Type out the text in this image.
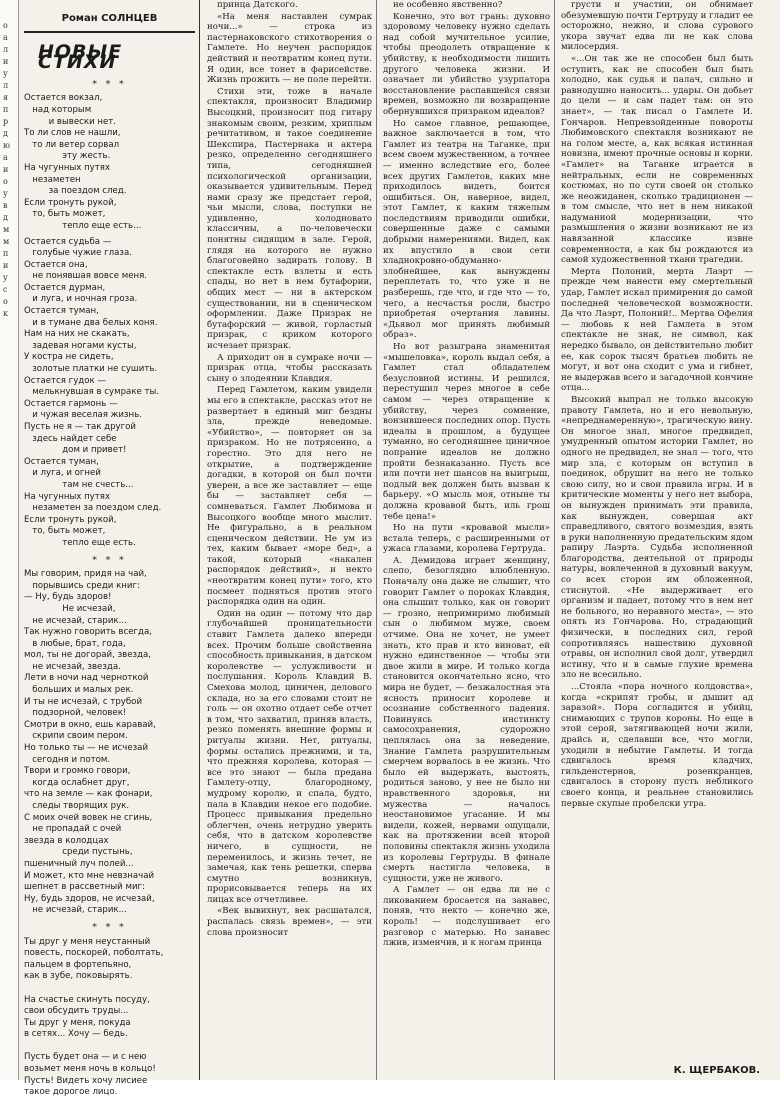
о
а
л
и
у
л
я
п
р
д
ю
а
и
о
у
в
д
м
м
п
и
у
с
о
к
Роман СОЛНЦЕВ
НОВЫЕ СТИХИ
* * *
Остается вокзал,
над которым
и вывески нет.
То ли слов не нашли,
то ли ветер сорвал
эту жесть.
На чугунных путях
незаметен
за поездом след.
Если тронуть рукой,
то, быть может,
тепло еще есть...
Остается судьба —
голубые чужие глаза.
Остается она,
не понявшая вовсе меня.
Остается дурман,
и луга, и ночная гроза.
Остается туман,
и в тумане два белых коня.
Нам на них не скакать,
задевая ногами кусты,
У костра не сидеть,
золотые платки не сушить.
Остается гудок —
мелькнувшая в сумраке ты.
Остается гармонь —
и чужая веселая жизнь.
Пусть не я — так другой
здесь найдет себе
дом и привет!
Остается туман,
и луга, и огней
там не счесть...
На чугунных путях
незаметен за поездом след.
Если тронуть рукой,
то, быть может,
тепло еще есть.
* * *
Мы говорим, придя на чай,
порывшись среди книг:
— Ну, будь здоров!
Не исчезай,
не исчезай, старик...
Так нужно говорить всегда,
в любые, брат, года,
мол, ты не догорай, звезда,
не исчезай, звезда.
Лети в ночи над черноткой
больших и малых рек.
И ты не исчезай, с трубой
подзорной, человек!
Смотри в окно, ешь каравай,
скрипи своим пером.
Но только ты — не исчезай
сегодня и потом.
Твори и громко говори,
когда ослабнет друг,
что на земле — как фонари,
следы творящих рук.
С моих очей вовек не сгинь,
не пропадай с очей
звезда в колодцах
среди пустынь,
пшеничный луч полей...
И может, кто мне невзначай
шепнет в рассветный миг:
Ну, будь здоров, не исчезай,
не исчезай, старик...
* * *
Ты друг у меня неустанный
повесть, поскорей, поболтать,
пальцем в фортепьяно,
как в зубе, поковырять.

На счастье скинуть посуду,
свои обсудить труды...
Ты друг у меня, покуда
в сетях... Хочу — бедь.

Пусть будет она — и с нею
возьмет меня ночь в кольцо!
Пусть! Видеть хочу лисиее
такое дорогое лицо.

принца Датского.

«На меня наставлен сумрак ночи...» — строка из пастернаковского стихотворения о Гамлете. Но неучен распорядок действий и неотвратим конец пути. Я один, все тонет в фарисействе. Жизнь прожить — не поле перейти.

Стихи эти, тоже в начале спектакля, произносит Владимир Высоцкий, произносит под гитару знакомым своим, резким, хриплым речитативом, и такое соединение Шекспира, Пастернака и актера резко, определенно сегодняшнего типа, сегодняшней психологической организации, оказывается удивительным. Перед нами сразу же предстает герой, чьи мысли, слова, поступки не удивленно, холодновато классичны, а по-человечески понятны сидящим в зале. Герой, глядя на которого не нужно благоговейно задирать голову. В спектакле есть взлеты и есть спады, но нет в нем бутафории, общих мест — ни в актерском существовании, ни в сценическом оформлении. Даже Призрак не бутафорский — живой, горластый призрак, с криком которого исчезает призрак.

А приходит он в сумраке ночи — призрак отца, чтобы рассказать сыну о злодеянии Клавдия.

Перед Гамлетом, каким увидели мы его в спектакле, рассказ этот не развертает в единый миг бездны зла, прежде неведомые. «Убийство», — повторяет он за призраком. Но не потрясенно, а горестно. Это для него не открытие, а подтверждение догадки, в которой он был почти уверен, а все же заставляет — еще бы — заставляет себя — сомневаться. Гамлет Любимова и Высоцкого вообще много мыслит. Не фигурально, а в реальном сценическом действии. Не ум из тех, каким бывает «море бед», а такой, который «накален распорядок действий», и некто «неотвратим конец пути» того, кто посмеет подняться против этого распорядка один на один.

Один на один — потому что дар глубочайшей проницательности ставит Гамлета далеко впереди всех. Прочим больше свойственна способность привыкания, в датском королевстве — услужливости и послушания. Король Клавдий В. Смехова молод, циничен, делового склада, но за его словами стоит не голь — он охотно отдает себе отчет в том, что захватил, приняв власть, резко поменять внешние формы и ритуалы жизни. Нет, ритуалы, формы остались прежними, и та, что прежняя королева, которая — все это знают — была предана Гамлету-отцу, благородному, мудрому королю, и спала, будто, пала в Клавдии некое его подобие. Процесс привыкания предельно облегчен, очень нетрудно уверить себя, что в датском королевстве ничего, в сущности, не переменилось, и жизнь течет, не замечая, как тень решетки, сперва смутно возникнув, прорисовывается теперь на их лицах все отчетливее.

«Век вывихнут, век расшатался, распалась связь времен», — эти слова произносит

не особенно явственно?

Конечно, это вот грань: духовно здоровому человеку нужно сделать над собой мучительное усилие, чтобы преодолеть отвращение к убийству, к необходимости лишить другого человека жизни. И означает ли убийство узурпатора восстановление распавшейся связи времен, возможно ли возвращение обернувшихся призраком идеалов?

Но самое главное, решающее, важное заключается в том, что Гамлет из театра на Таганке, при всем своем мужественном, а точнее — именно вследствие его, более всех других Гамлетов, каких мне приходилось видеть, боится ошибиться. Он, наверное, видел, этот Гамлет, к каким тяжелым последствиям приводили ошибки, совершенные даже с самыми добрыми намерениями. Видел, как их впустило в свои сети хладнокровно-обдуманно-злобнейшее, как вынуждены переплетать то, что уже и не разберешь, где что, и где что — то, чего, а несчастья росли, быстро приобретая очертания лавины. «Дьявол мог принять любимый образ».

Но вот разыграна знаменитая «мышеловка», король выдал себя, а Гамлет стал обладателем безусловной истины. И решился, перестушил через многое в себе самом — через отвращение к убийству, через сомнение, вонзившееся последних опор. Пусть идеалы в прошлом, а будущее туманно, но сегодняшнее циничное попрание идеалов не должно пройти безнаказанно. Пусть все или почти нет шансов на выигрыш, подлый век должен быть вызван к барьеру. «О мысль моя, отныне ты должна кровавой быть, иль грош тебе цена!»

Но на пути «кровавой мысли» встала теперь, с расширенными от ужаса глазами, королева Гертруда.

А. Демидова играет женщину, слепо, безоглядно влюбленную. Поначалу она даже не слышит, что говорит Гамлет о пороках Клавдия, она слышит только, как он говорит — грозно, непримиримо любимый сын о любимом муже, своем отчиме. Она не хочет, не умеет знать, кто прав и кто виноват, ей нужно единственное — чтобы эти двое жили в мире. И только когда становится окончательно ясно, что мира не будет, — безжалостная эта ясность приносит королеве и осознание собственного падения. Повинуясь инстинкту самосохранения, судорожно цеплялась она за неведение. Знание Гамлета разрушительным смерчем ворвалось в ее жизнь. Что было ей выдержать, выстоять, родиться заново, у нее не было ни нравственного здоровья, ни мужества — началось неостановимое угасание. И мы видели, кожей, нервами ощущали, как на протяжении всей второй половины спектакля жизнь уходила из королевы Гертруды. В финале смерть настигла человека, в сущности, уже не живого.

А Гамлет — он едва ли не с ликованием бросается на занавес, поняв, что некто — конечно же, король! — подслушивает его разговор с матерью. Но занавес лжив, изменчив, и к ногам принца

грусти и участии, он обнимает обезумевшую почти Гертруду и гладит ее осторожно, нежно, и слова сурового укора звучат едва ли не как слова милосердия.

«...Он так же не способен был быть оступить, как не способен был быть холодно, как судья и палач, сильно и равнодушно наносить... удары. Он добьет до цели — и сам падет там: он это знает», — так писал о Гамлете И. Гончаров. Непревзойденные повороты Любимовского спектакля возникают не на голом месте, а, как всякая истинная новизна, имеют прочные основы и корни. «Гамлет» на Таганке играется в нейтральных, если не современных костюмах, но по сути своей он столько же неожиданен, сколько традиционен — в том смысле, что нет в нем никакой надуманной модернизации, что размышления о жизни возникают не из навязанной классике извне современности, а как бы рождаются из самой художественной ткани трагедии.

Мерта Полоний, мерта Лаэрт — прежде чем нанести ему смертельный удар, Гамлет искал примирения до самой последней человеческой возможности. Да что Лаэрт, Полоний!.. Мертва Офелия — любовь к ней Гамлета в этом спектакле не знак, не символ, как нередко бывало, он действительно любит ее, как сорок тысяч братьев любить не могут, и вот она сходит с ума и гибнет, не выдержав всего и загадочной кончине отца...

Высокий выпрал не только высокую правоту Гамлета, но и его невольную, «непреднамеренную», трагическую вину. Он многое знал, многое предвидел, умудренный опытом истории Гамлет, но одного не предвидел, не знал — того, что мир зла, с которым он вступил в поединок, обрушит на него не только свою силу, но и свои правила игры. И в критические моменты у него нет выбора, он вынужден принимать эти правила, как вынужден, совершая акт справедливого, святого возмездия, взять в руки наполненную предательским ядом рапиру Лаэрта. Судьба исполненной благородства, деятельной от природы натуры, вовлеченной в духовный вакуум, со всех сторон им обложенной, стиснутой. «Не выдерживает его организм и падает, потому что в нем нет не больного, но неравного места», — это опять из Гончарова. Но, страдающий физически, в последних сил, герой сопротивляясь нашествию духовной отравы, он исполнил свой долг, утвердил истину, что и в самые глухие времена зло не всесильно.

...Стояла «пора ночного колдовства», когда «скрипят гробы, и дышит ад заразой». Пора согладится и убийц, снимающих с трупов короны. Но еще в этой серой, затягивающей ночи жили, драйсь и, сделавши все, что могли, уходили в небытие Гамлеты. И тогда сдвигалось время кладчих, гильденстернов, розенкранцев, сдвигалось в сторону пусть небликого своего конца, и реальнее становились первые скупые пробелски утра.

К. ЩЕРБАКОВ.
